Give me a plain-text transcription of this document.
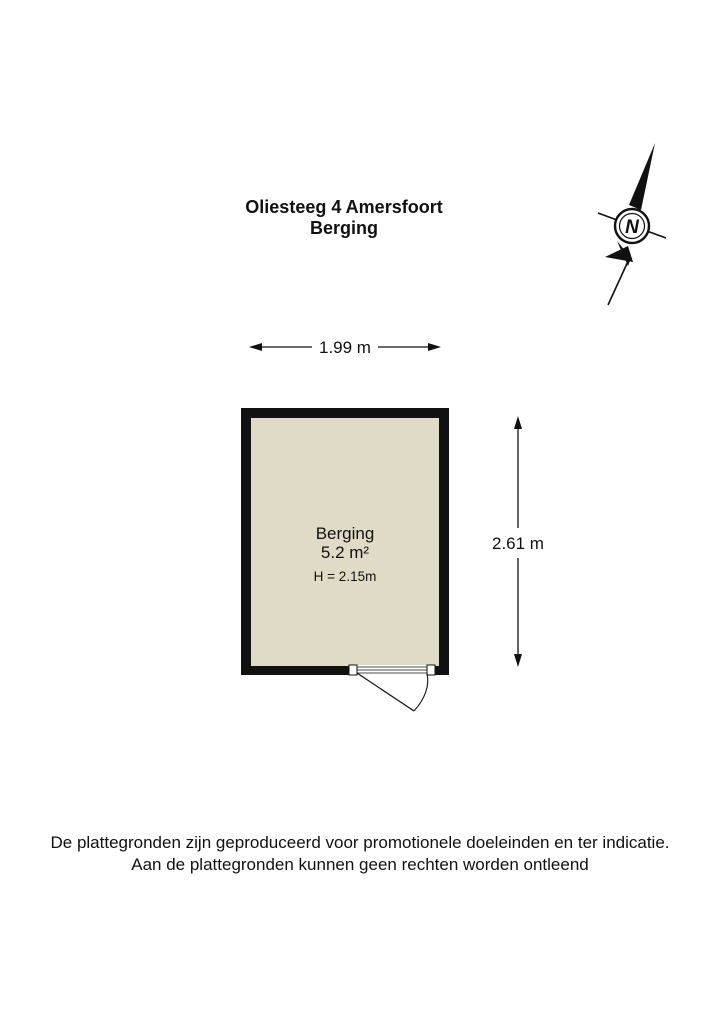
Oliesteeg 4 Amersfoort
Berging	N
1.99 m
2.61 m
Berging
5.2 m²
H = 2.15m
De plattegronden zijn geproduceerd voor promotionele doeleinden en ter indicatie.
Aan de plattegronden kunnen geen rechten worden ontleend
